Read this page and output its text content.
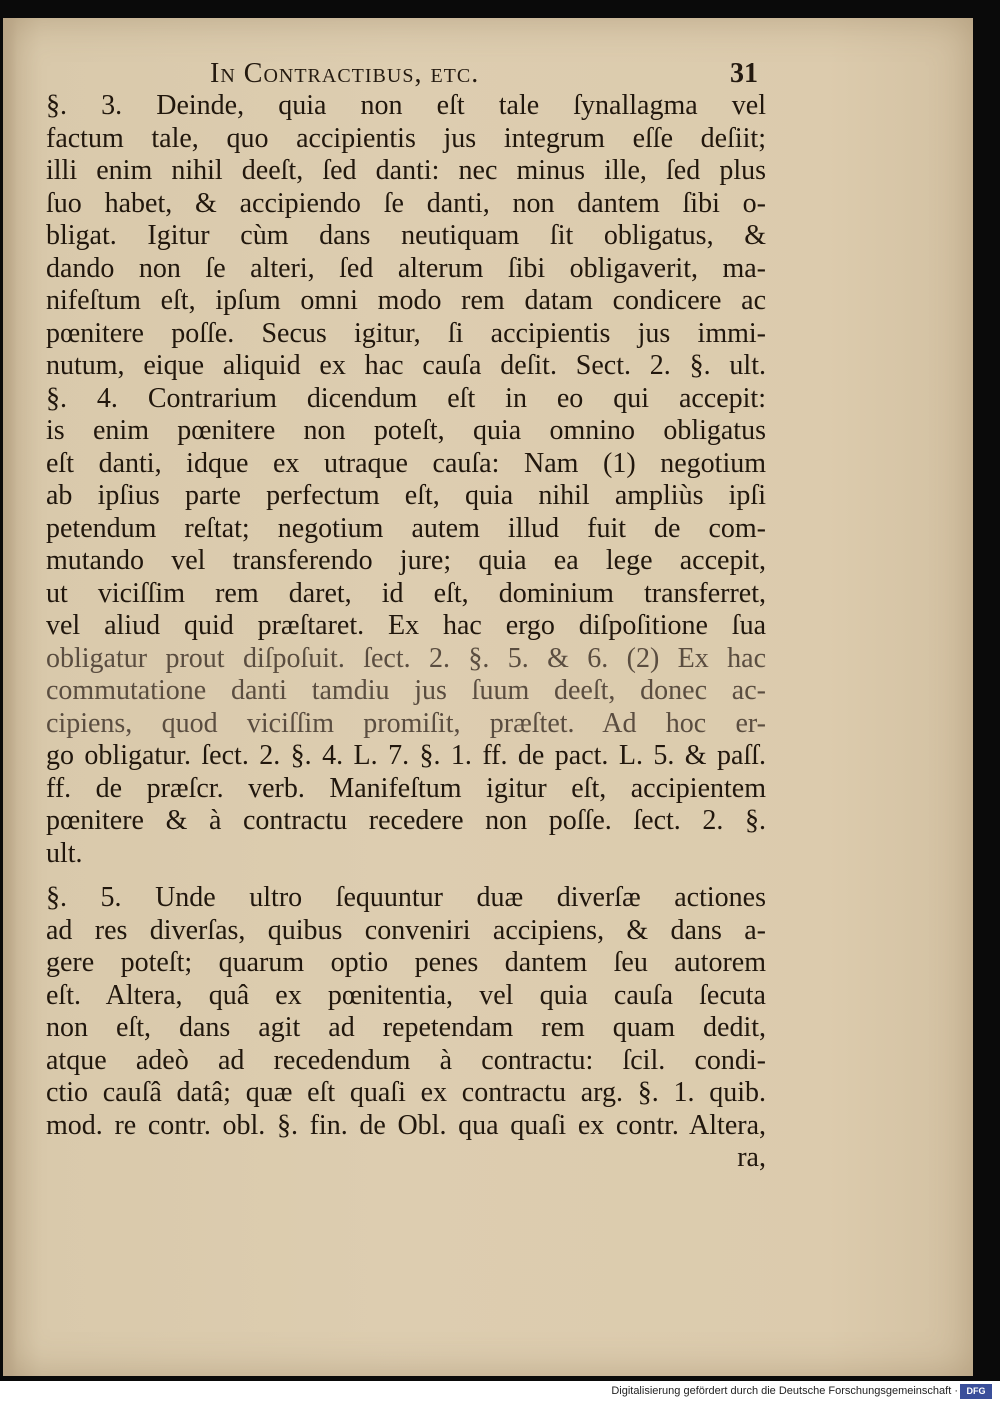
In Contractibus, etc.	31
§. 3. Deinde, quia non eſt tale ſynallagma vel
factum tale, quo accipientis jus integrum eſſe deſiit;
illi enim nihil deeſt, ſed danti: nec minus ille, ſed plus
ſuo habet, & accipiendo ſe danti, non dantem ſibi o-
bligat. Igitur cùm dans neutiquam ſit obligatus, &
dando non ſe alteri, ſed alterum ſibi obligaverit, ma-
nifeſtum eſt, ipſum omni modo rem datam condicere ac
pœnitere poſſe. Secus igitur, ſi accipientis jus immi-
nutum, eique aliquid ex hac cauſa deſit. Sect. 2. §. ult.
§. 4. Contrarium dicendum eſt in eo qui accepit:
is enim pœnitere non poteſt, quia omnino obligatus
eſt danti, idque ex utraque cauſa: Nam (1) negotium
ab ipſius parte perfectum eſt, quia nihil ampliùs ipſi
petendum reſtat; negotium autem illud fuit de com-
mutando vel transferendo jure; quia ea lege accepit,
ut viciſſim rem daret, id eſt, dominium transferret,
vel aliud quid præſtaret. Ex hac ergo diſpoſitione ſua
obligatur prout diſpoſuit. ſect. 2. §. 5. & 6. (2) Ex hac
commutatione danti tamdiu jus ſuum deeſt, donec ac-
cipiens, quod viciſſim promiſit, præſtet. Ad hoc er-
go obligatur. ſect. 2. §. 4. L. 7. §. 1. ff. de pact. L. 5. & paſſ.
ff. de præſcr. verb. Manifeſtum igitur eſt, accipientem
pœnitere & à contractu recedere non poſſe. ſect. 2. §.
ult.
§. 5. Unde ultro ſequuntur duæ diverſæ actiones
ad res diverſas, quibus conveniri accipiens, & dans a-
gere poteſt; quarum optio penes dantem ſeu autorem
eſt. Altera, quâ ex pœnitentia, vel quia cauſa ſecuta
non eſt, dans agit ad repetendam rem quam dedit,
atque adeò ad recedendum à contractu: ſcil. condi-
ctio cauſâ datâ; quæ eſt quaſi ex contractu arg. §. 1. quib.
mod. re contr. obl. §. fin. de Obl. qua quaſi ex contr. Altera,
ra,
Digitalisierung gefördert durch die Deutsche Forschungsgemeinschaft · DFG
